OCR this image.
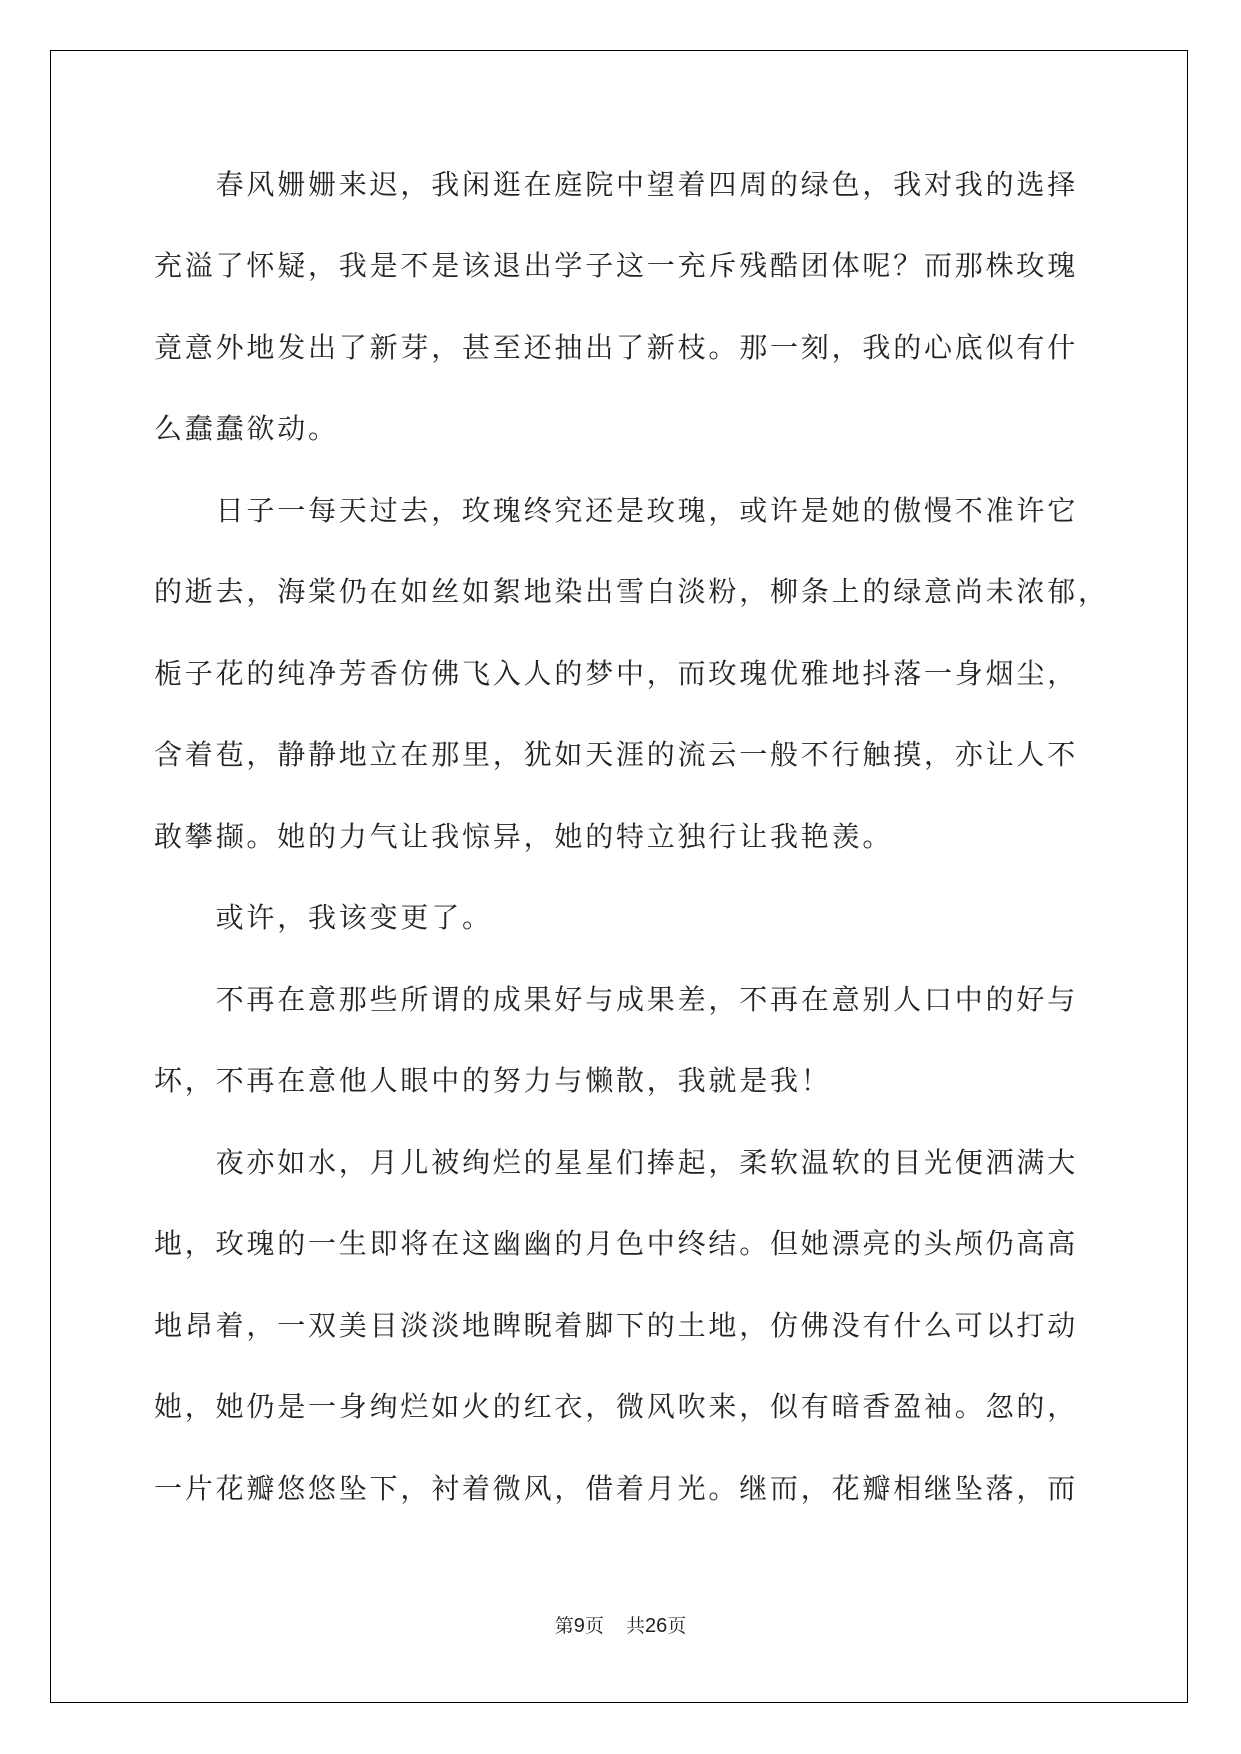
　　春风姗姗来迟，我闲逛在庭院中望着四周的绿色，我对我的选择
充溢了怀疑，我是不是该退出学子这一充斥残酷团体呢？而那株玫瑰
竟意外地发出了新芽，甚至还抽出了新枝。那一刻，我的心底似有什
么蠢蠢欲动。
　　日子一每天过去，玫瑰终究还是玫瑰，或许是她的傲慢不准许它
的逝去，海棠仍在如丝如絮地染出雪白淡粉，柳条上的绿意尚未浓郁，
栀子花的纯净芳香仿佛飞入人的梦中，而玫瑰优雅地抖落一身烟尘，
含着苞，静静地立在那里，犹如天涯的流云一般不行触摸，亦让人不
敢攀撷。她的力气让我惊异，她的特立独行让我艳羡。
　　或许，我该变更了。
　　不再在意那些所谓的成果好与成果差，不再在意别人口中的好与
坏，不再在意他人眼中的努力与懒散，我就是我！
　　夜亦如水，月儿被绚烂的星星们捧起，柔软温软的目光便洒满大
地，玫瑰的一生即将在这幽幽的月色中终结。但她漂亮的头颅仍高高
地昂着，一双美目淡淡地睥睨着脚下的土地，仿佛没有什么可以打动
她，她仍是一身绚烂如火的红衣，微风吹来，似有暗香盈袖。忽的，
一片花瓣悠悠坠下，衬着微风，借着月光。继而，花瓣相继坠落，而
第9页 共26页
